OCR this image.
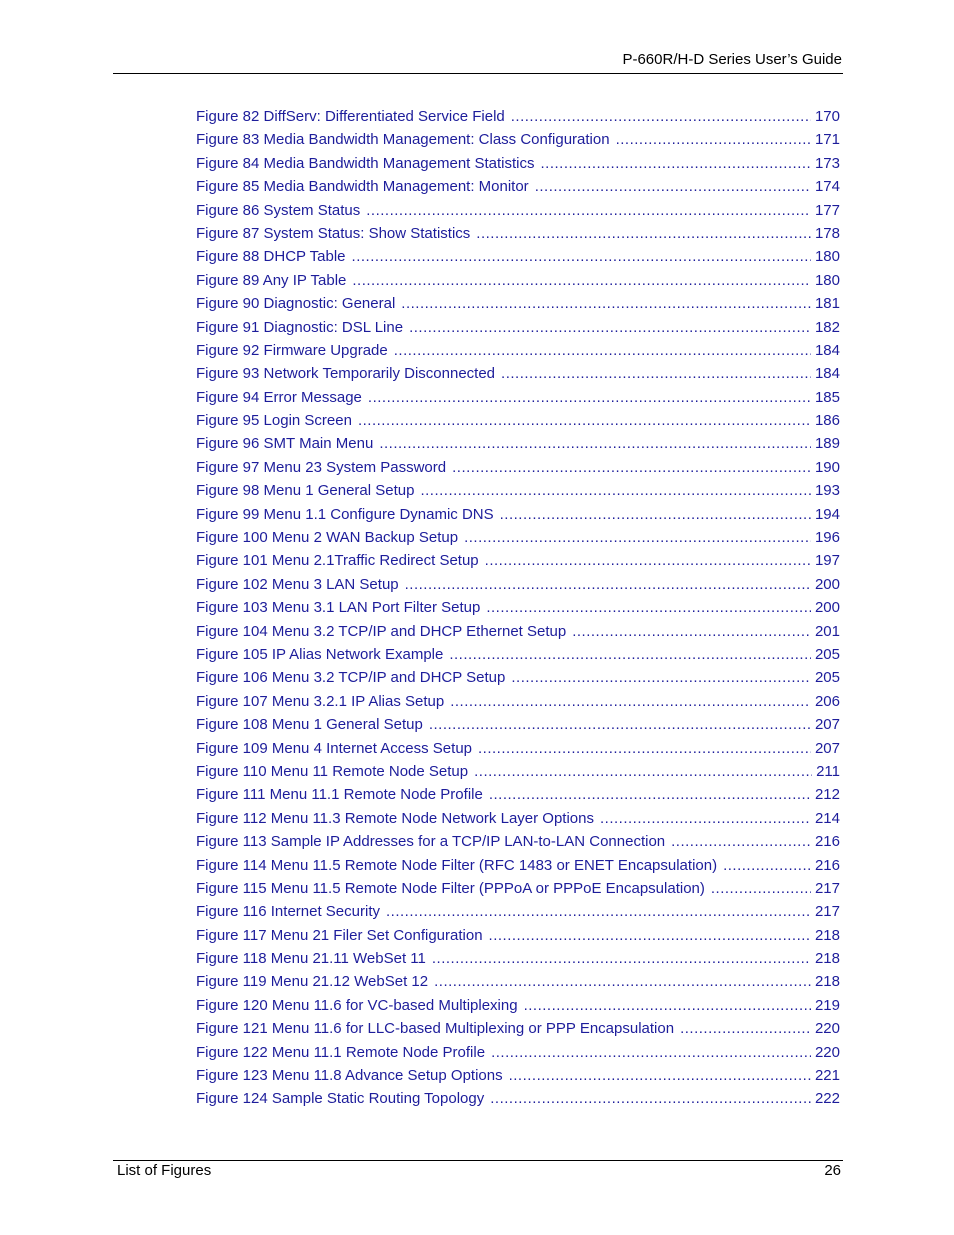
P-660R/H-D Series User’s Guide
Figure 82 DiffServ: Differentiated Service Field .....	170
Figure 83 Media Bandwidth Management: Class Configuration .....	171
Figure 84 Media Bandwidth Management Statistics .....	173
Figure 85 Media Bandwidth Management: Monitor .....	174
Figure 86 System Status .....	177
Figure 87 System Status: Show Statistics .....	178
Figure 88 DHCP Table .....	180
Figure 89 Any IP Table .....	180
Figure 90 Diagnostic: General .....	181
Figure 91 Diagnostic: DSL Line .....	182
Figure 92 Firmware Upgrade .....	184
Figure 93 Network Temporarily Disconnected .....	184
Figure 94 Error Message .....	185
Figure 95 Login Screen .....	186
Figure 96 SMT Main Menu .....	189
Figure 97 Menu 23 System Password .....	190
Figure 98 Menu 1 General Setup .....	193
Figure 99 Menu 1.1 Configure Dynamic DNS .....	194
Figure 100 Menu 2 WAN Backup Setup .....	196
Figure 101 Menu 2.1Traffic Redirect Setup .....	197
Figure 102 Menu 3 LAN Setup .....	200
Figure 103 Menu 3.1 LAN Port Filter Setup .....	200
Figure 104 Menu 3.2 TCP/IP and DHCP Ethernet Setup .....	201
Figure 105 IP Alias Network Example .....	205
Figure 106 Menu 3.2 TCP/IP and DHCP Setup .....	205
Figure 107 Menu 3.2.1 IP Alias Setup .....	206
Figure 108 Menu 1 General Setup .....	207
Figure 109 Menu 4 Internet Access Setup .....	207
Figure 110 Menu 11 Remote Node Setup .....	211
Figure 111 Menu 11.1 Remote Node Profile .....	212
Figure 112 Menu 11.3 Remote Node Network Layer Options .....	214
Figure 113 Sample IP Addresses for a TCP/IP LAN-to-LAN Connection .....	216
Figure 114 Menu 11.5 Remote Node Filter (RFC 1483 or ENET Encapsulation) .....	216
Figure 115 Menu 11.5 Remote Node Filter (PPPoA or PPPoE Encapsulation) .....	217
Figure 116 Internet Security .....	217
Figure 117 Menu 21 Filer Set Configuration .....	218
Figure 118 Menu 21.11 WebSet 11 .....	218
Figure 119 Menu 21.12 WebSet 12 .....	218
Figure 120 Menu 11.6 for VC-based Multiplexing .....	219
Figure 121 Menu 11.6 for LLC-based Multiplexing or PPP Encapsulation .....	220
Figure 122 Menu 11.1 Remote Node Profile .....	220
Figure 123 Menu 11.8 Advance Setup Options .....	221
Figure 124 Sample Static Routing Topology .....	222
List of Figures	26
